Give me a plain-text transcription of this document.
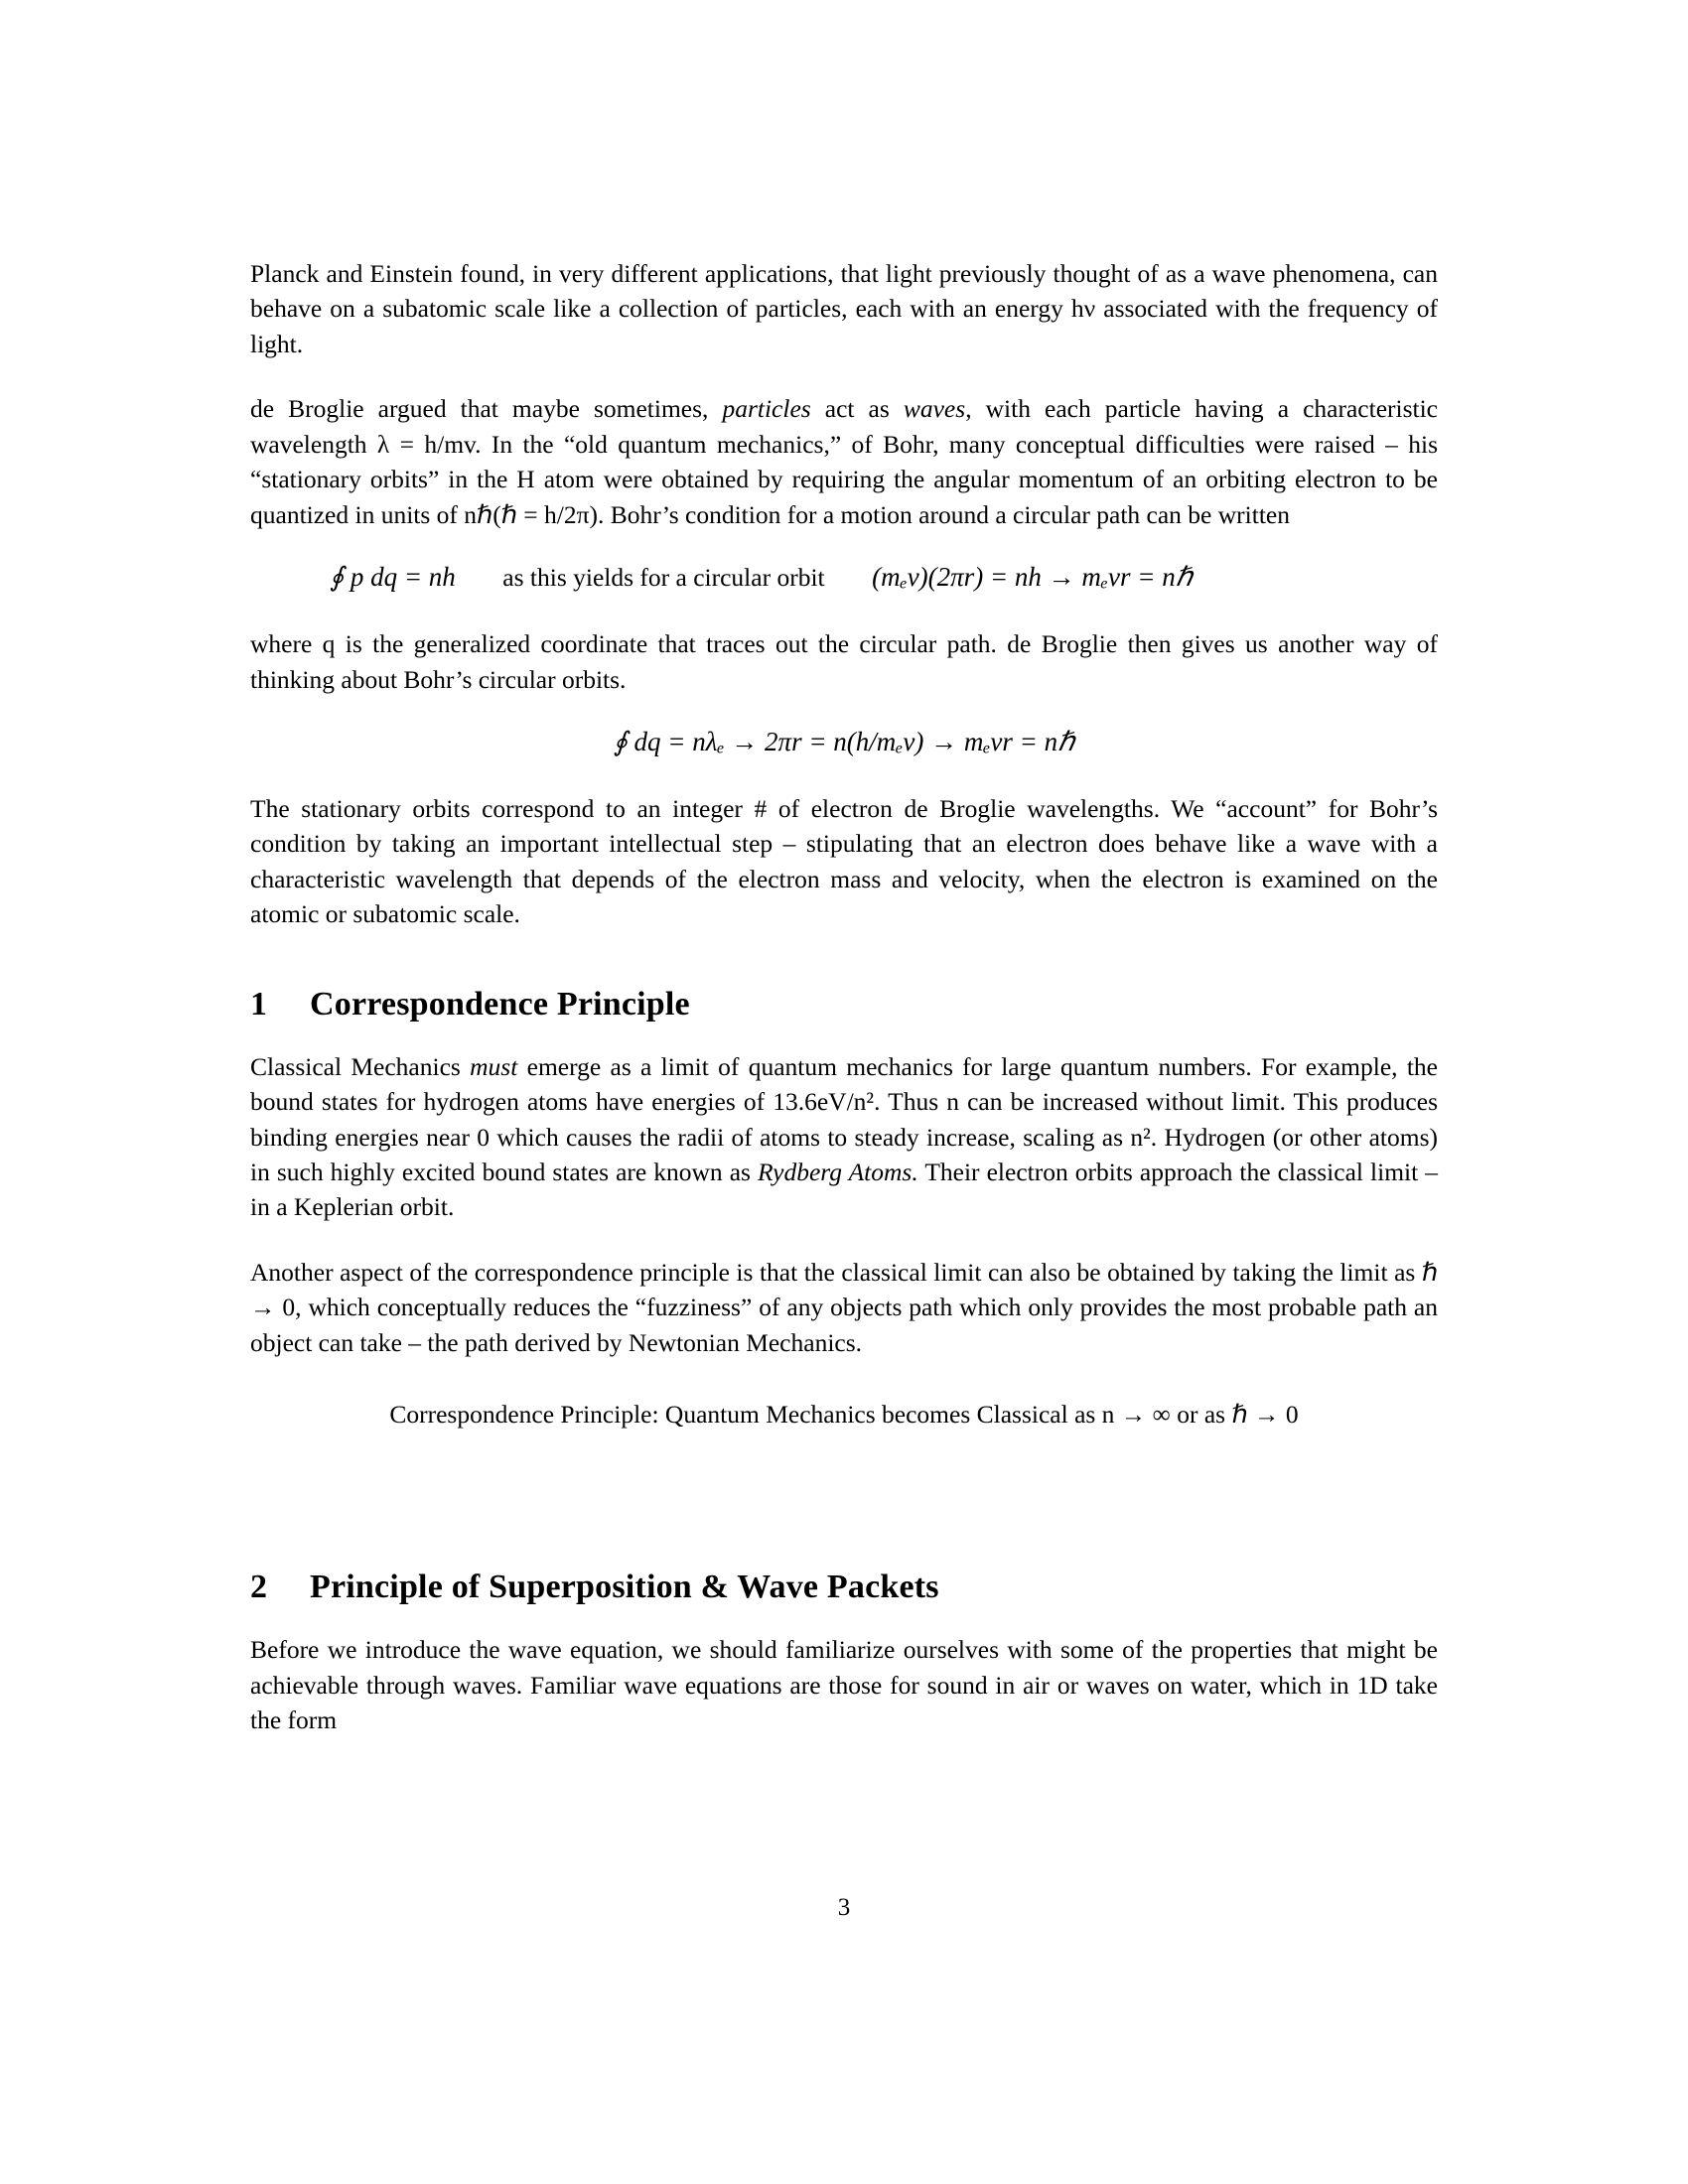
Planck and Einstein found, in very different applications, that light previously thought of as a wave phenomena, can behave on a subatomic scale like a collection of particles, each with an energy hν associated with the frequency of light.

de Broglie argued that maybe sometimes, particles act as waves, with each particle having a characteristic wavelength λ = h/mv. In the “old quantum mechanics,” of Bohr, many conceptual difficulties were raised – his “stationary orbits” in the H atom were obtained by requiring the angular momentum of an orbiting electron to be quantized in units of nℏ(ℏ = h/2π). Bohr’s condition for a motion around a circular path can be written

∮ p dq = nh as this yields for a circular orbit (mₑv)(2πr) = nh → mₑvr = nℏ

where q is the generalized coordinate that traces out the circular path. de Broglie then gives us another way of thinking about Bohr’s circular orbits.

∮ dq = nλₑ → 2πr = n(h/mₑv) → mₑvr = nℏ

The stationary orbits correspond to an integer # of electron de Broglie wavelengths. We “account” for Bohr’s condition by taking an important intellectual step – stipulating that an electron does behave like a wave with a characteristic wavelength that depends of the electron mass and velocity, when the electron is examined on the atomic or subatomic scale.

1 Correspondence Principle

Classical Mechanics must emerge as a limit of quantum mechanics for large quantum numbers. For example, the bound states for hydrogen atoms have energies of 13.6eV/n². Thus n can be increased without limit. This produces binding energies near 0 which causes the radii of atoms to steady increase, scaling as n². Hydrogen (or other atoms) in such highly excited bound states are known as Rydberg Atoms. Their electron orbits approach the classical limit – in a Keplerian orbit.

Another aspect of the correspondence principle is that the classical limit can also be obtained by taking the limit as ℏ → 0, which conceptually reduces the “fuzziness” of any objects path which only provides the most probable path an object can take – the path derived by Newtonian Mechanics.

Correspondence Principle: Quantum Mechanics becomes Classical as n → ∞ or as ℏ → 0
2 Principle of Superposition & Wave Packets

Before we introduce the wave equation, we should familiarize ourselves with some of the properties that might be achievable through waves. Familiar wave equations are those for sound in air or waves on water, which in 1D take the form

3
